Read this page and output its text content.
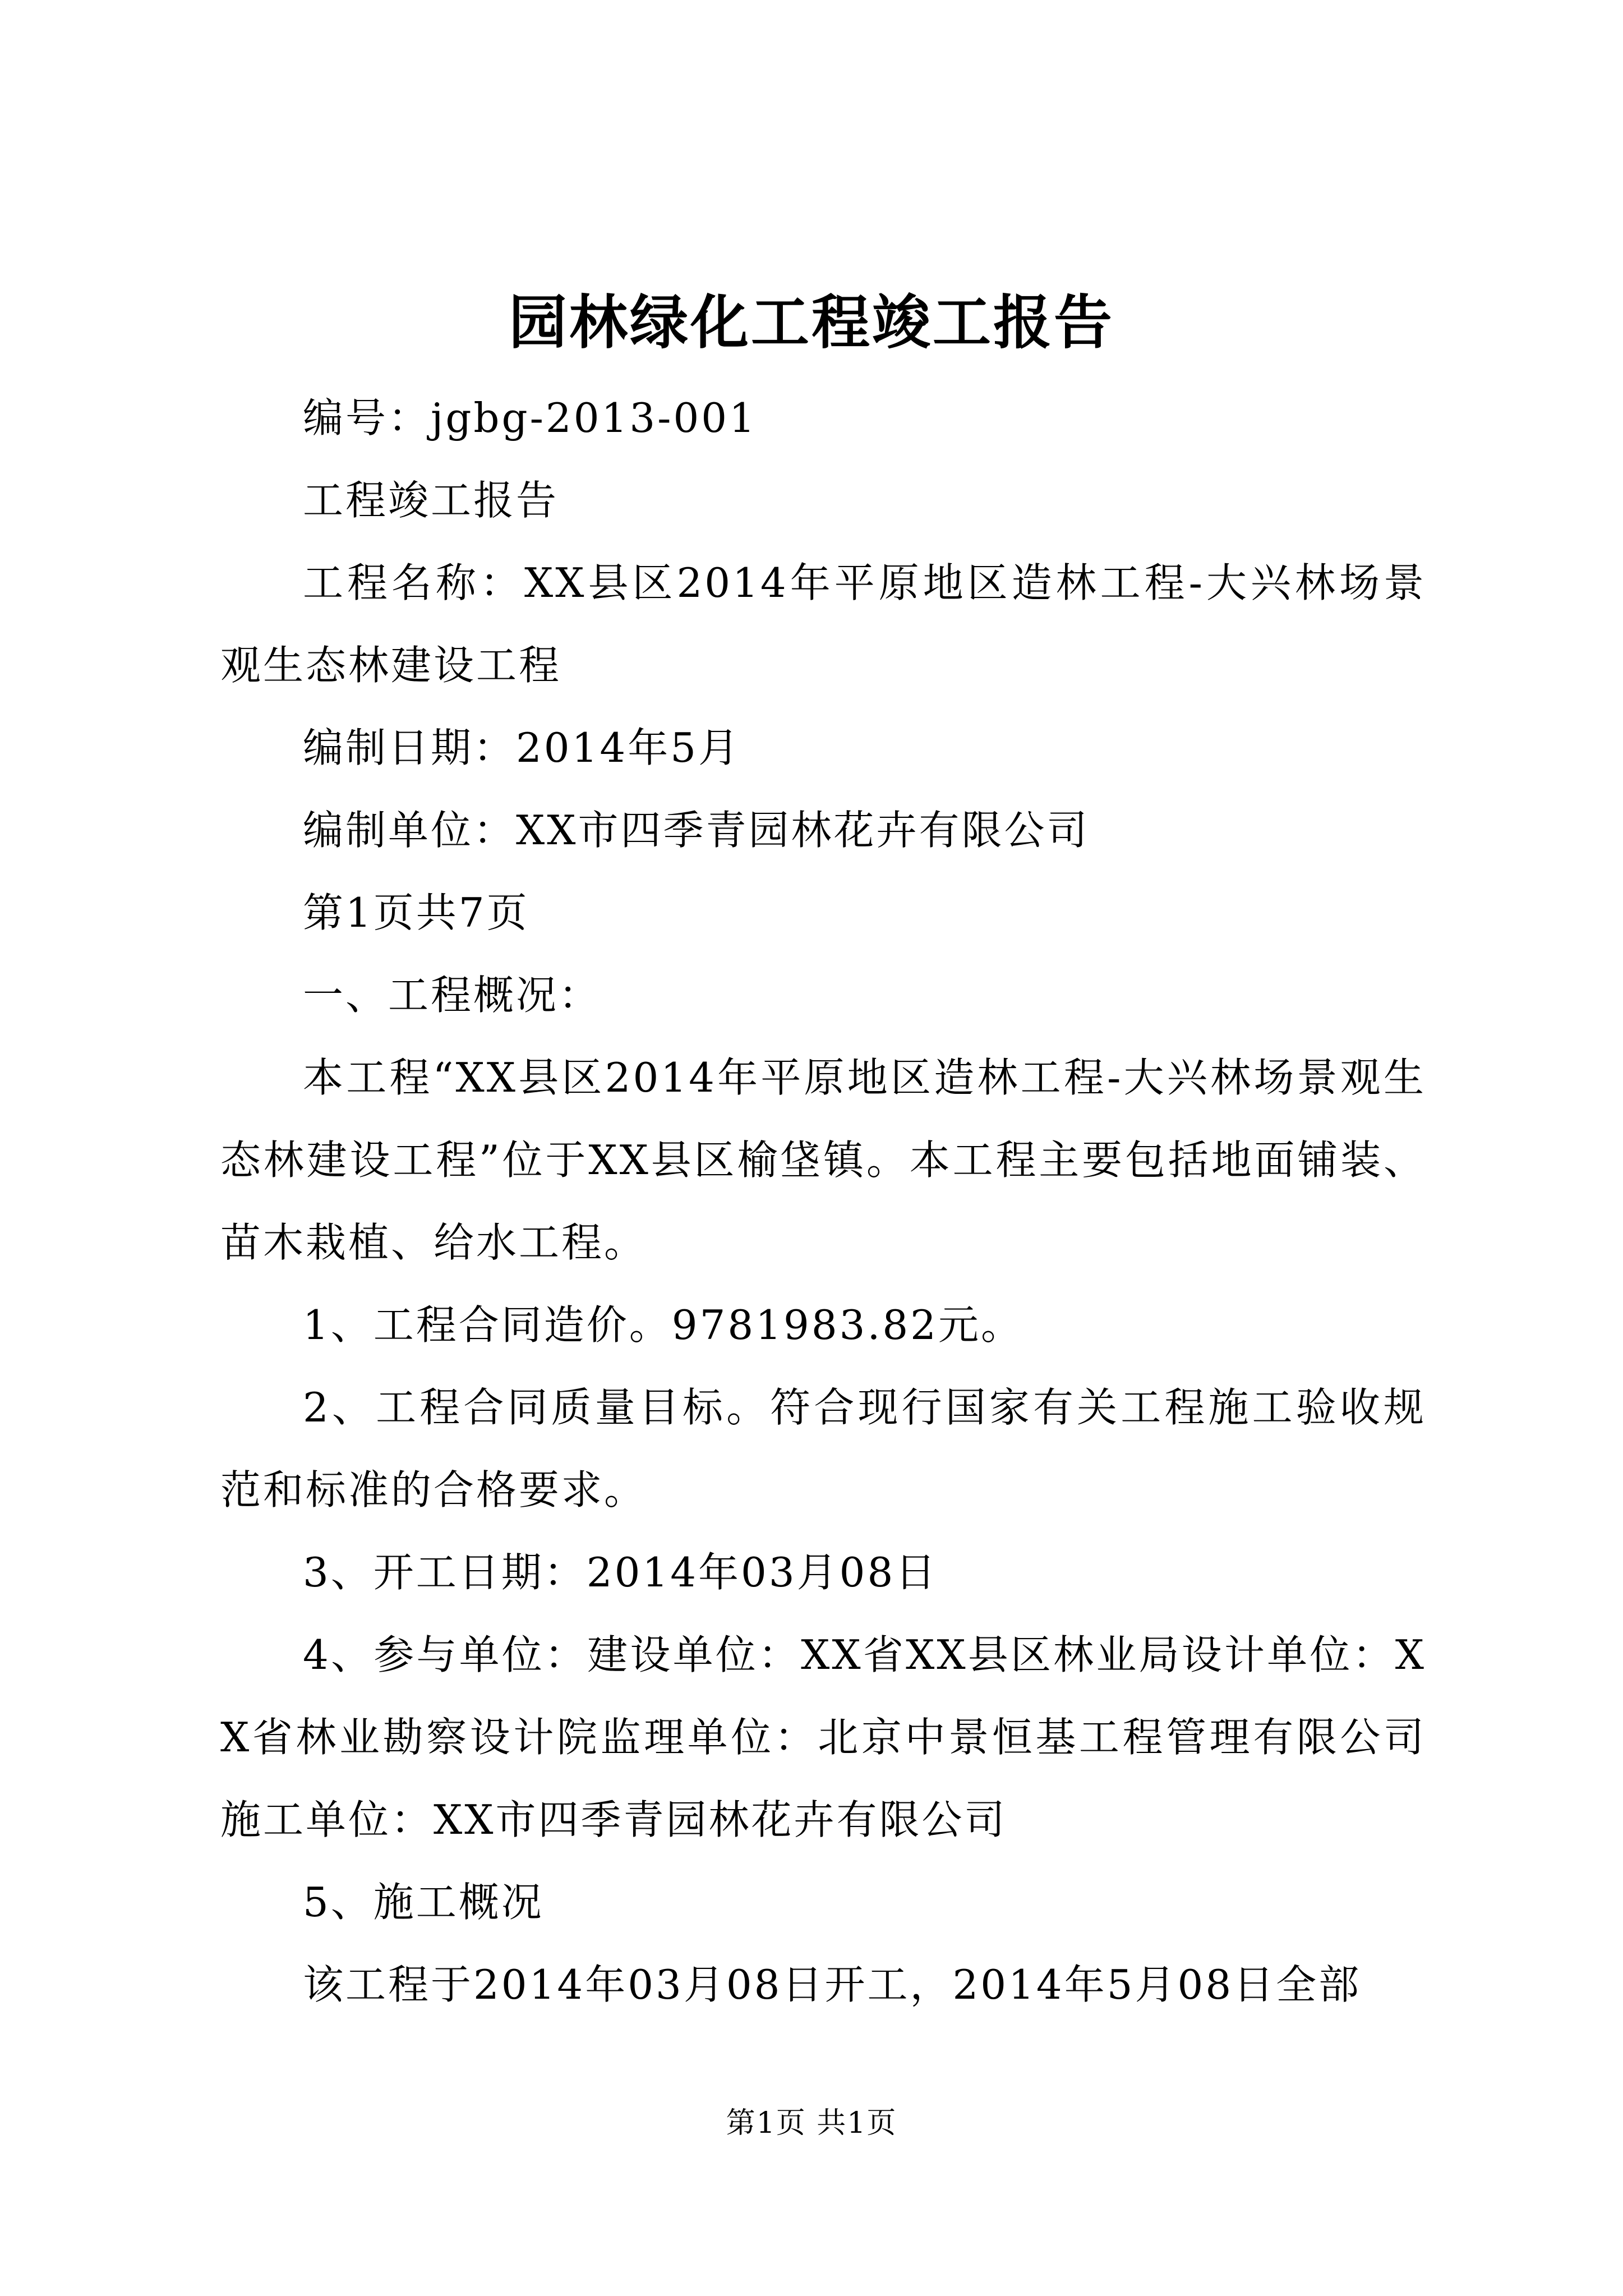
园林绿化工程竣工报告

编号：jgbg-2013-001

工程竣工报告

工程名称：XX县区2014年平原地区造林工程-大兴林场景观生态林建设工程

编制日期：2014年5月

编制单位：XX市四季青园林花卉有限公司

第1页共7页

一、工程概况：

本工程“XX县区2014年平原地区造林工程-大兴林场景观生态林建设工程”位于XX县区榆垡镇。本工程主要包括地面铺装、苗木栽植、给水工程。

1、工程合同造价。9781983.82元。

2、工程合同质量目标。符合现行国家有关工程施工验收规范和标准的合格要求。

3、开工日期：2014年03月08日

4、参与单位：建设单位：XX省XX县区林业局设计单位：XX省林业勘察设计院监理单位：北京中景恒基工程管理有限公司施工单位：XX市四季青园林花卉有限公司

5、施工概况

该工程于2014年03月08日开工，2014年5月08日全部

第1页 共1页
